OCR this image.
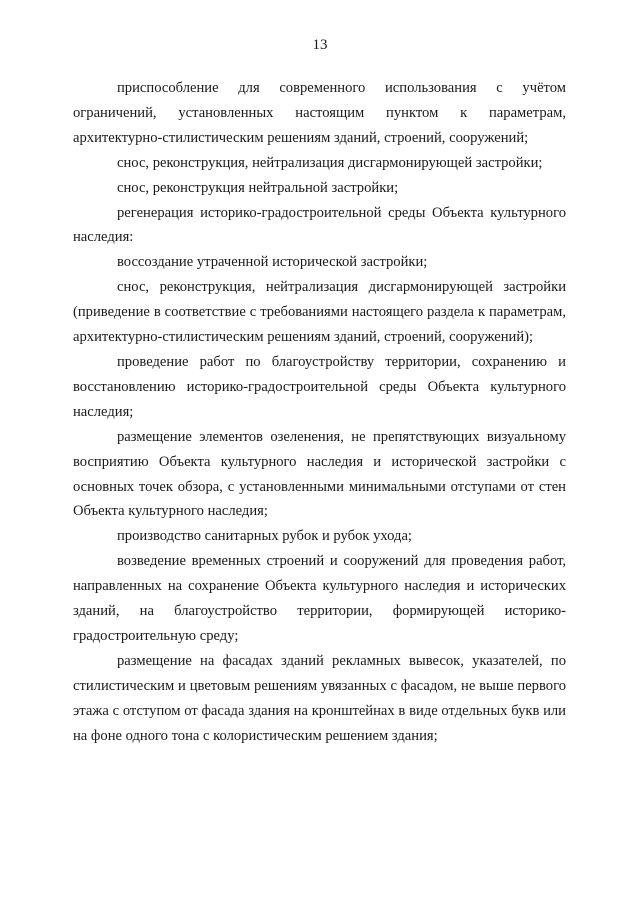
13

приспособление для современного использования с учётом ограничений, установленных настоящим пунктом к параметрам, архитектурно-стилистическим решениям зданий, строений, сооружений;

снос, реконструкция, нейтрализация дисгармонирующей застройки;

снос, реконструкция нейтральной застройки;

регенерация историко-градостроительной среды Объекта культурного наследия:

воссоздание утраченной исторической застройки;

снос, реконструкция, нейтрализация дисгармонирующей застройки (приведение в соответствие с требованиями настоящего раздела к параметрам, архитектурно-стилистическим решениям зданий, строений, сооружений);

проведение работ по благоустройству территории, сохранению и восстановлению историко-градостроительной среды Объекта культурного наследия;

размещение элементов озеленения, не препятствующих визуальному восприятию Объекта культурного наследия и исторической застройки с основных точек обзора, с установленными минимальными отступами от стен Объекта культурного наследия;

производство санитарных рубок и рубок ухода;

возведение временных строений и сооружений для проведения работ, направленных на сохранение Объекта культурного наследия и исторических зданий, на благоустройство территории, формирующей историко-градостроительную среду;

размещение на фасадах зданий рекламных вывесок, указателей, по стилистическим и цветовым решениям увязанных с фасадом, не выше первого этажа с отступом от фасада здания на кронштейнах в виде отдельных букв или на фоне одного тона с колористическим решением здания;
